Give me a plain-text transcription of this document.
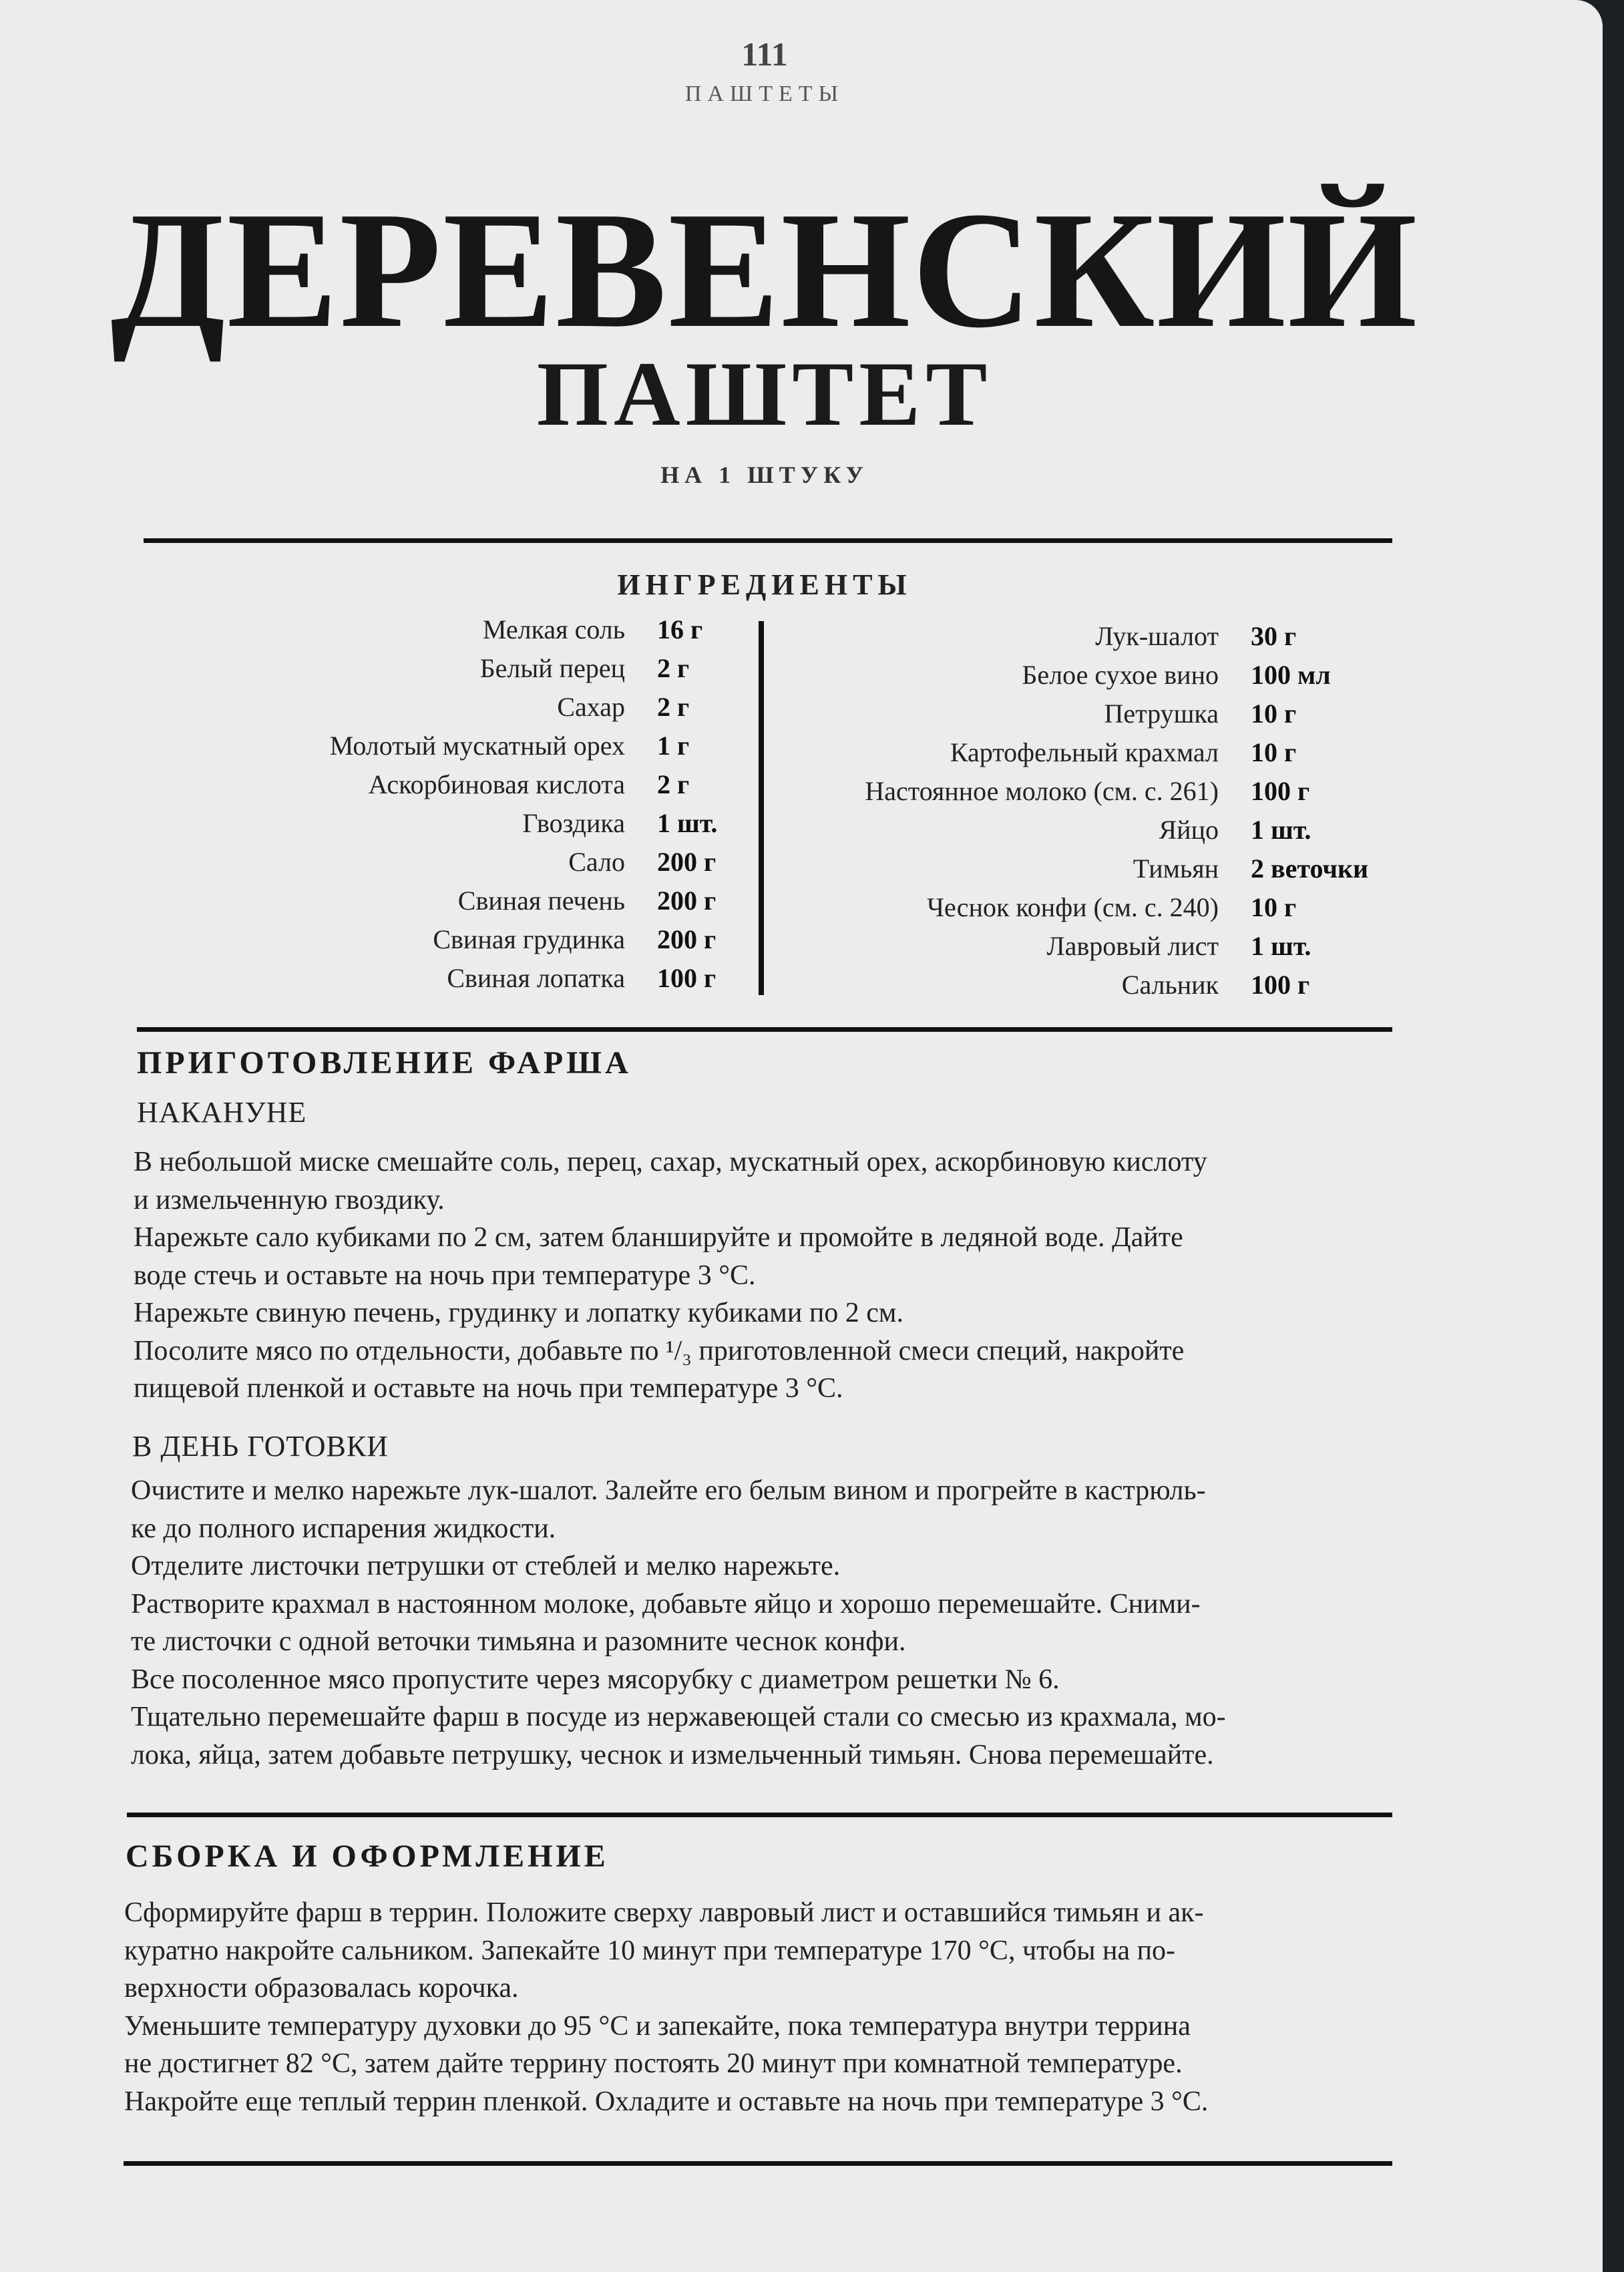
111
ПАШТЕТЫ
ДЕРЕВЕНСКИЙ
ПАШТЕТ
НА 1 ШТУКУ
ИНГРЕДИЕНТЫ
Мелкая соль 16 г
Белый перец 2 г
Сахар 2 г
Молотый мускатный орех 1 г
Аскорбиновая кислота 2 г
Гвоздика 1 шт.
Сало 200 г
Свиная печень 200 г
Свиная грудинка 200 г
Свиная лопатка 100 г
Лук-шалот 30 г
Белое сухое вино 100 мл
Петрушка 10 г
Картофельный крахмал 10 г
Настоянное молоко (см. с. 261) 100 г
Яйцо 1 шт.
Тимьян 2 веточки
Чеснок конфи (см. с. 240) 10 г
Лавровый лист 1 шт.
Сальник 100 г
ПРИГОТОВЛЕНИЕ ФАРША
НАКАНУНЕ

В небольшой миске смешайте соль, перец, сахар, мускатный орех, аскорбиновую кислоту

и измельченную гвоздику.

Нарежьте сало кубиками по 2 см, затем бланшируйте и промойте в ледяной воде. Дайте

воде стечь и оставьте на ночь при температуре 3 °C.

Нарежьте свиную печень, грудинку и лопатку кубиками по 2 см.

Посолите мясо по отдельности, добавьте по ¹/₃ приготовленной смеси специй, накройте

пищевой пленкой и оставьте на ночь при температуре 3 °C.

В ДЕНЬ ГОТОВКИ

Очистите и мелко нарежьте лук-шалот. Залейте его белым вином и прогрейте в кастрюль-

ке до полного испарения жидкости.

Отделите листочки петрушки от стеблей и мелко нарежьте.

Растворите крахмал в настоянном молоке, добавьте яйцо и хорошо перемешайте. Сними-

те листочки с одной веточки тимьяна и разомните чеснок конфи.

Все посоленное мясо пропустите через мясорубку с диаметром решетки № 6.

Тщательно перемешайте фарш в посуде из нержавеющей стали со смесью из крахмала, мо-

лока, яйца, затем добавьте петрушку, чеснок и измельченный тимьян. Снова перемешайте.

СБОРКА И ОФОРМЛЕНИЕ

Сформируйте фарш в террин. Положите сверху лавровый лист и оставшийся тимьян и ак-

куратно накройте сальником. Запекайте 10 минут при температуре 170 °C, чтобы на по-

верхности образовалась корочка.

Уменьшите температуру духовки до 95 °C и запекайте, пока температура внутри террина

не достигнет 82 °C, затем дайте террину постоять 20 минут при комнатной температуре.

Накройте еще теплый террин пленкой. Охладите и оставьте на ночь при температуре 3 °C.
